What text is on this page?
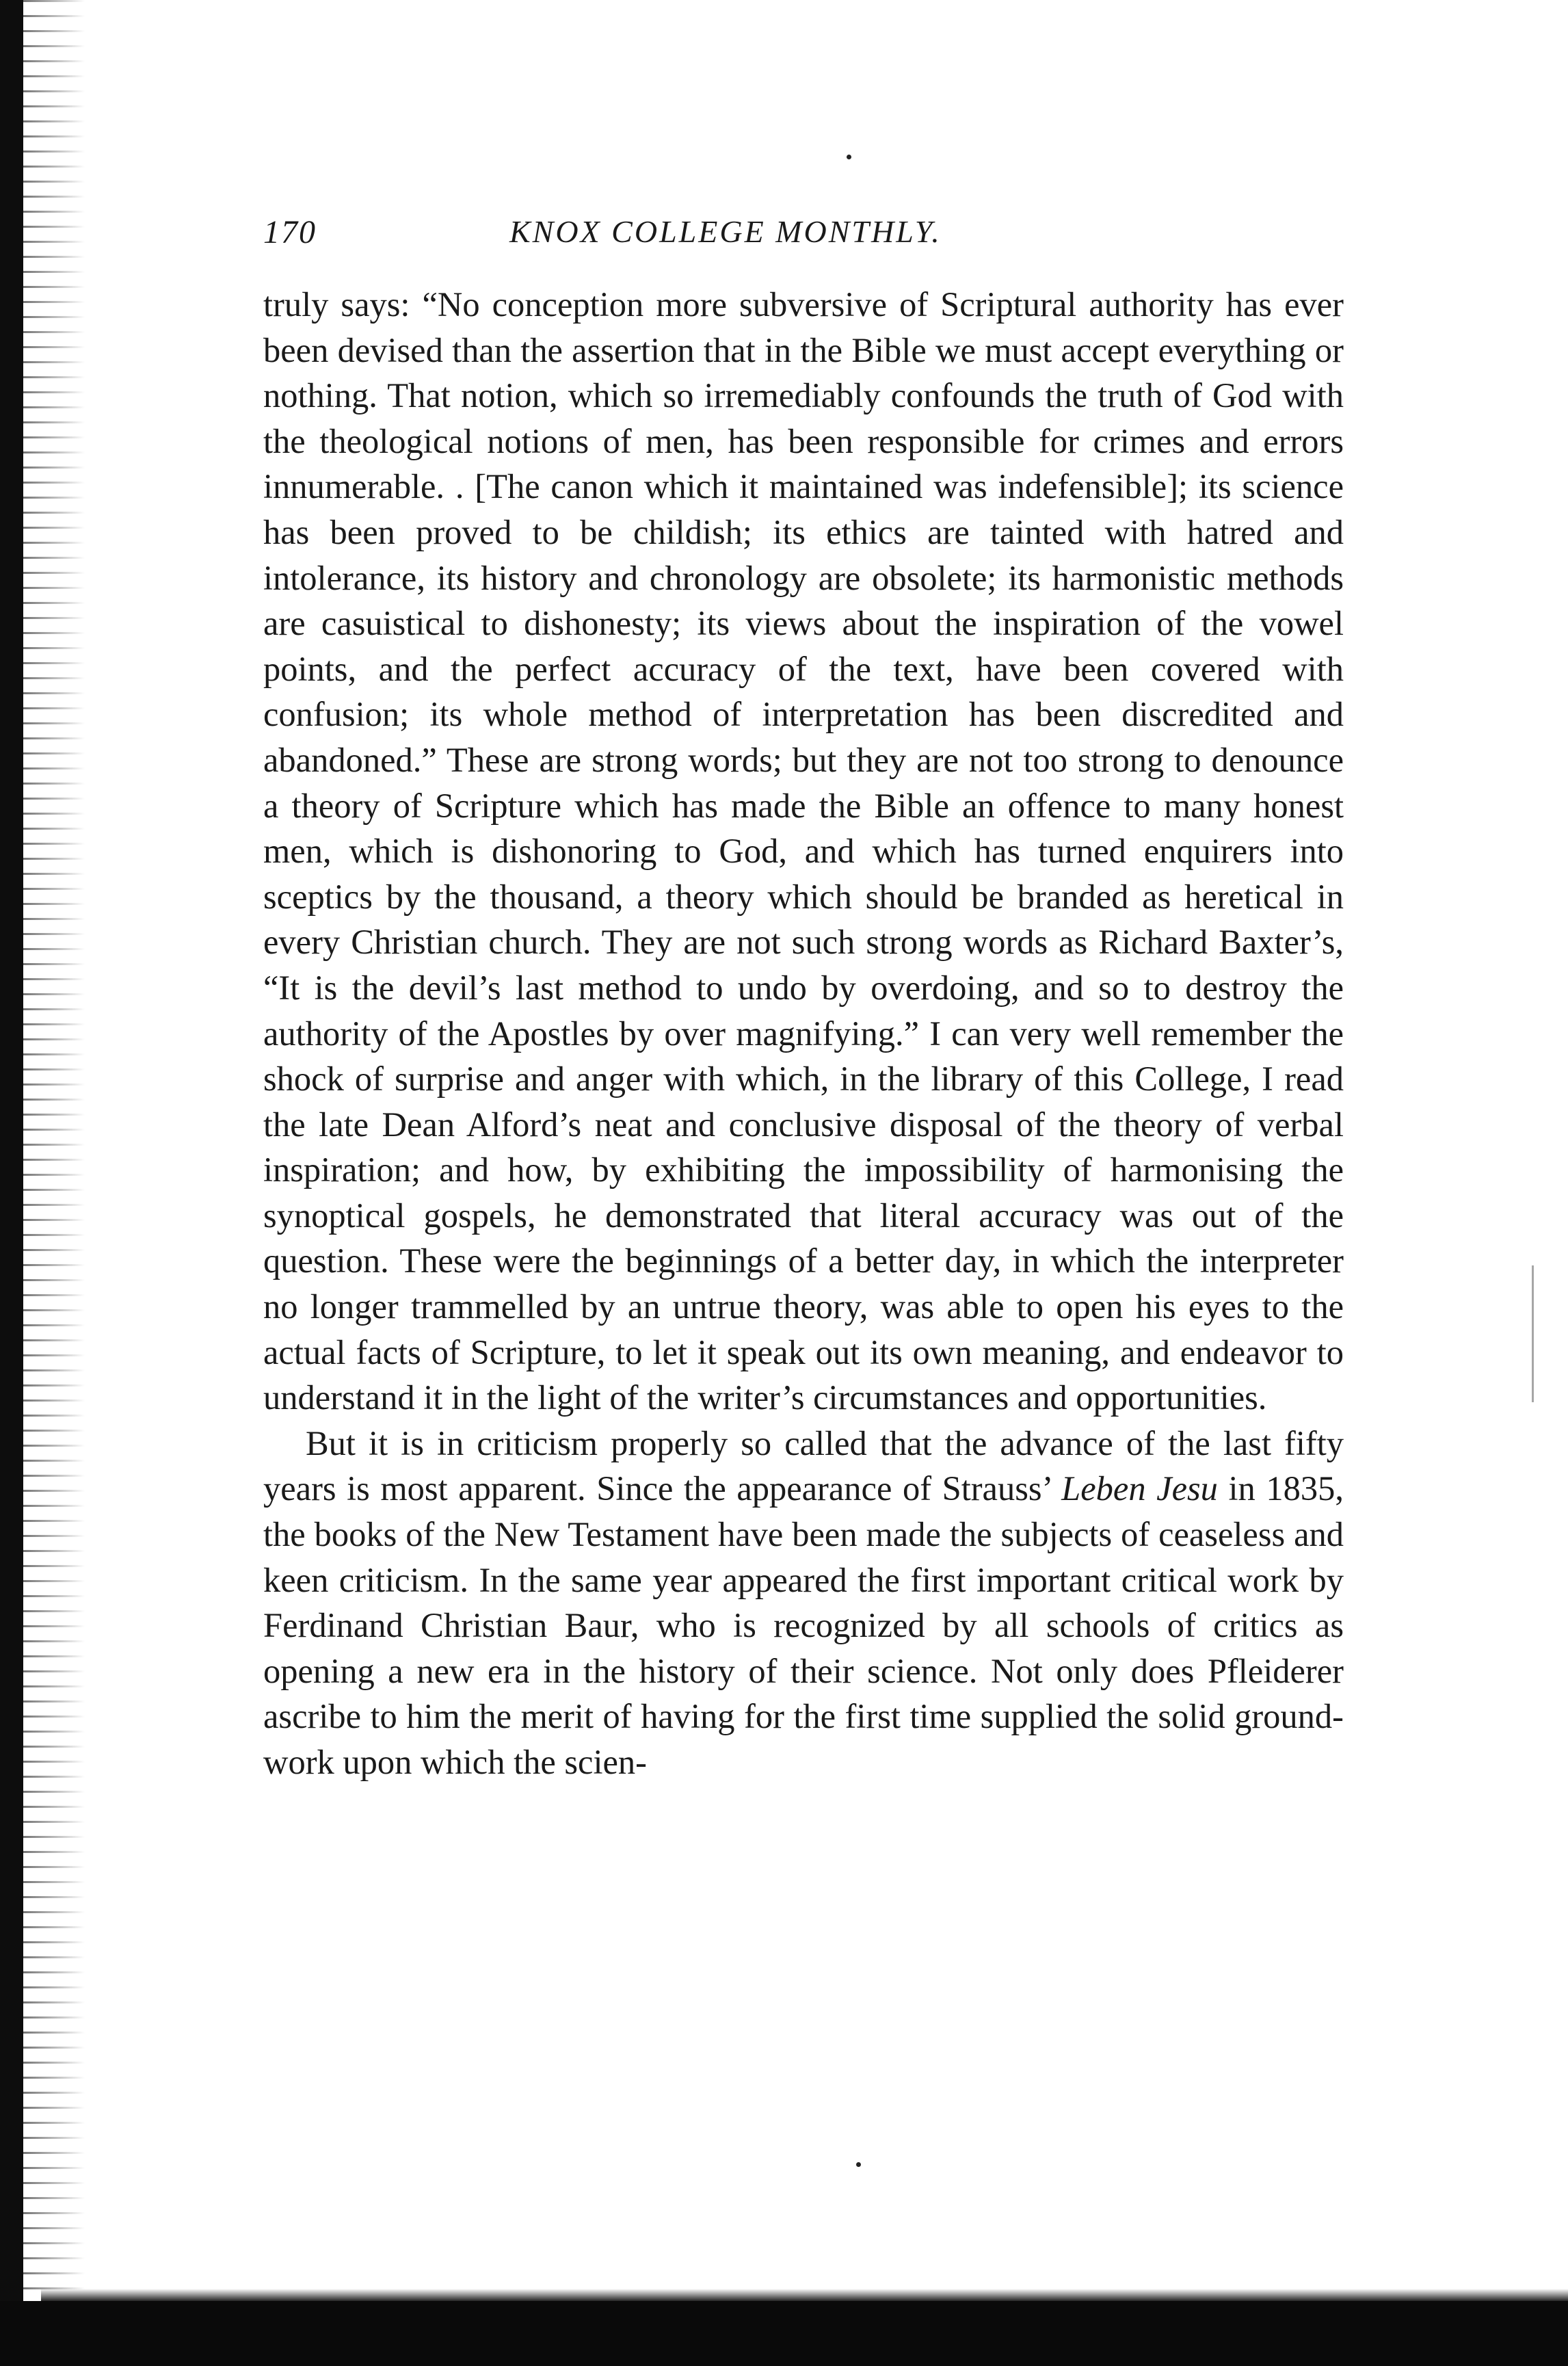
170	KNOX COLLEGE MONTHLY.

truly says: “No conception more subversive of Scriptural authority has ever been devised than the assertion that in the Bible we must accept everything or nothing. That notion, which so irremediably confounds the truth of God with the theological notions of men, has been responsible for crimes and errors innumerable. . [The canon which it maintained was indefensible]; its science has been proved to be childish; its ethics are tainted with hatred and intolerance, its history and chronology are obsolete; its harmonistic methods are casuistical to dishonesty; its views about the inspiration of the vowel points, and the perfect accuracy of the text, have been covered with confusion; its whole method of interpretation has been discredited and abandoned.” These are strong words; but they are not too strong to denounce a theory of Scripture which has made the Bible an offence to many honest men, which is dishonoring to God, and which has turned enquirers into sceptics by the thousand, a theory which should be branded as heretical in every Christian church. They are not such strong words as Richard Baxter’s, “It is the devil’s last method to undo by overdoing, and so to destroy the authority of the Apostles by over magnifying.” I can very well remember the shock of surprise and anger with which, in the library of this College, I read the late Dean Alford’s neat and conclusive disposal of the theory of verbal inspiration; and how, by exhibiting the impossibility of harmonising the synoptical gospels, he demonstrated that literal accuracy was out of the question. These were the beginnings of a better day, in which the interpreter no longer trammelled by an untrue theory, was able to open his eyes to the actual facts of Scripture, to let it speak out its own meaning, and endeavor to understand it in the light of the writer’s circumstances and opportunities.

But it is in criticism properly so called that the advance of the last fifty years is most apparent. Since the appearance of Strauss’ Leben Jesu in 1835, the books of the New Testament have been made the subjects of ceaseless and keen criticism. In the same year appeared the first important critical work by Ferdinand Christian Baur, who is recognized by all schools of critics as opening a new era in the history of their science. Not only does Pfleiderer ascribe to him the merit of having for the first time supplied the solid ground-work upon which the scien-
